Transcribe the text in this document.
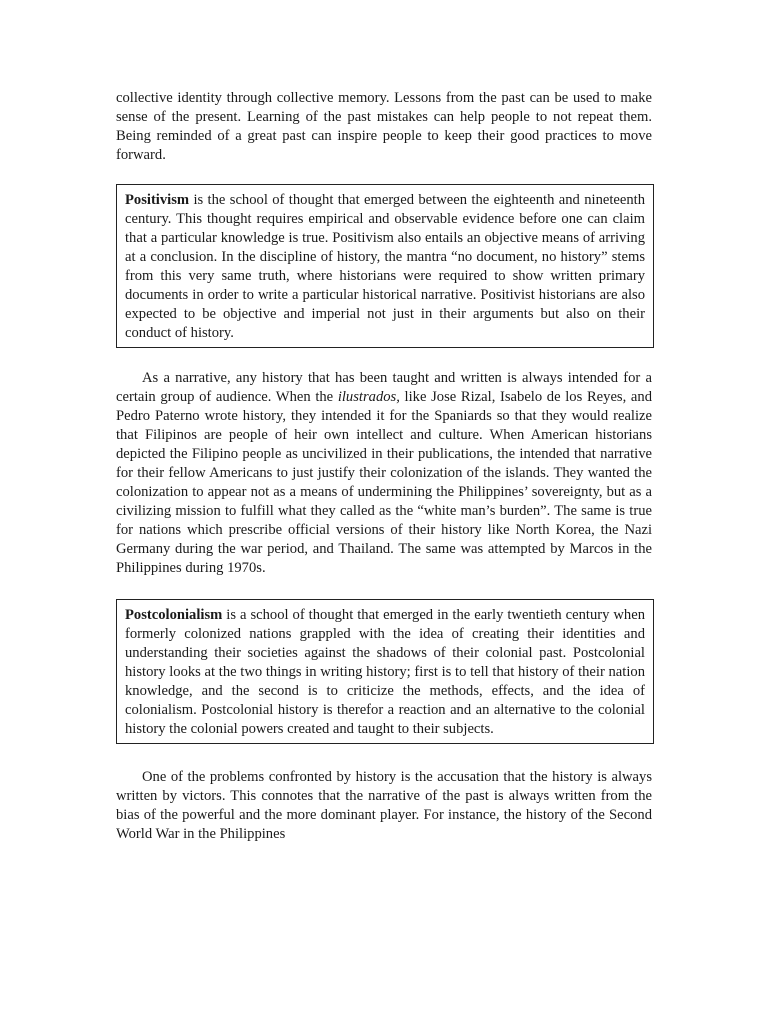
collective identity through collective memory. Lessons from the past can be used to make sense of the present. Learning of the past mistakes can help people to not repeat them. Being reminded of a great past can inspire people to keep their good practices to move forward.

Positivism is the school of thought that emerged between the eighteenth and nineteenth century. This thought requires empirical and observable evidence before one can claim that a particular knowledge is true. Positivism also entails an objective means of arriving at a conclusion. In the discipline of history, the mantra “no document, no history” stems from this very same truth, where historians were required to show written primary documents in order to write a particular historical narrative. Positivist historians are also expected to be objective and imperial not just in their arguments but also on their conduct of history.

As a narrative, any history that has been taught and written is always intended for a certain group of audience. When the ilustrados, like Jose Rizal, Isabelo de los Reyes, and Pedro Paterno wrote history, they intended it for the Spaniards so that they would realize that Filipinos are people of heir own intellect and culture. When American historians depicted the Filipino people as uncivilized in their publications, the intended that narrative for their fellow Americans to just justify their colonization of the islands. They wanted the colonization to appear not as a means of undermining the Philippines’ sovereignty, but as a civilizing mission to fulfill what they called as the “white man’s burden”. The same is true for nations which prescribe official versions of their history like North Korea, the Nazi Germany during the war period, and Thailand. The same was attempted by Marcos in the Philippines during 1970s.

Postcolonialism is a school of thought that emerged in the early twentieth century when formerly colonized nations grappled with the idea of creating their identities and understanding their societies against the shadows of their colonial past. Postcolonial history looks at the two things in writing history; first is to tell that history of their nation knowledge, and the second is to criticize the methods, effects, and the idea of colonialism. Postcolonial history is therefor a reaction and an alternative to the colonial history the colonial powers created and taught to their subjects.

One of the problems confronted by history is the accusation that the history is always written by victors. This connotes that the narrative of the past is always written from the bias of the powerful and the more dominant player. For instance, the history of the Second World War in the Philippines
